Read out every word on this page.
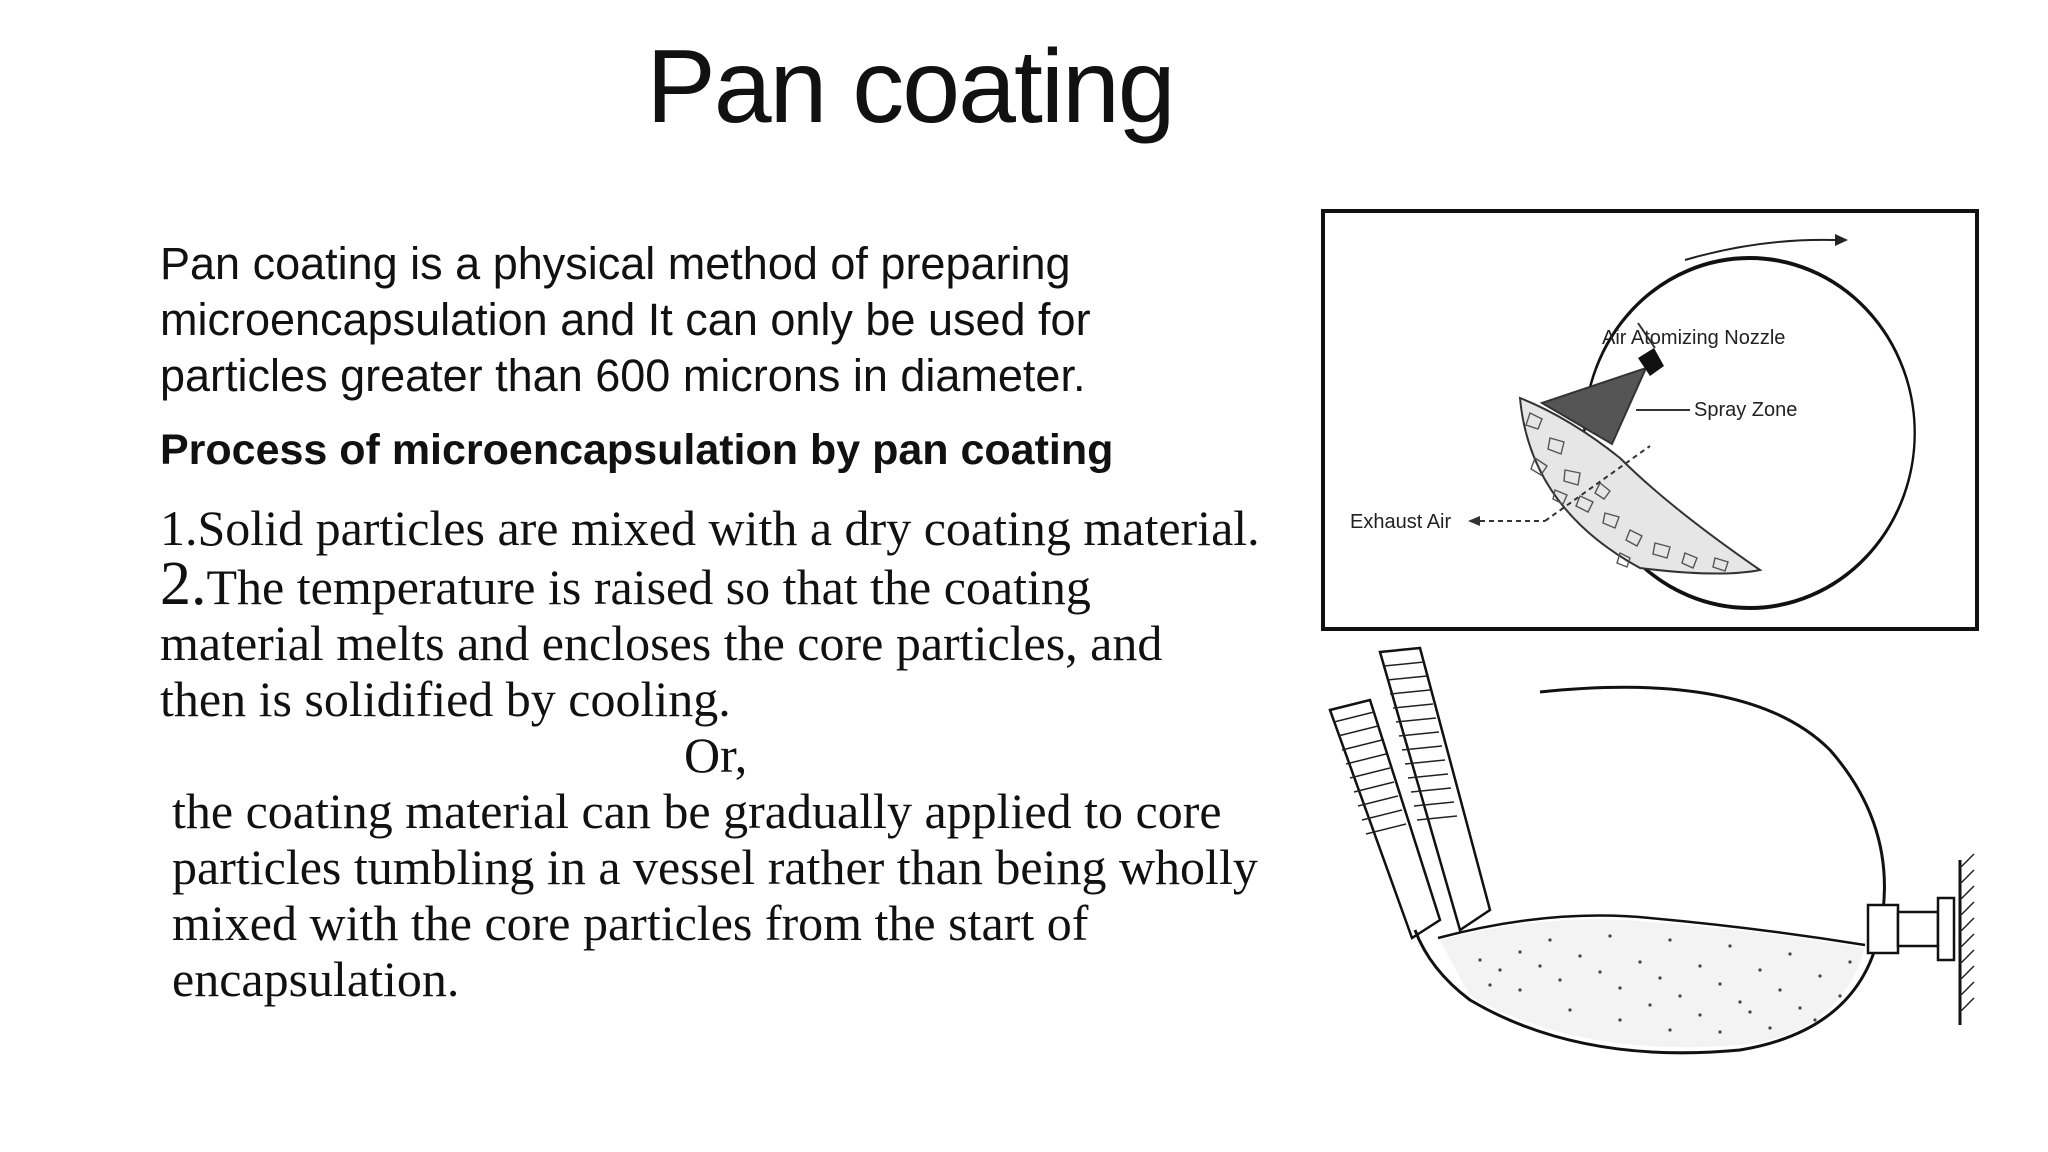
Pan coating
Pan coating is a physical method of preparing microencapsulation and It can only be used for particles greater than 600 microns in diameter.
Process of microencapsulation by pan coating

1.Solid particles are mixed with a dry coating material.

2.The temperature is raised so that the coating material melts and encloses the core particles, and then is solidified by cooling.

Or,

the coating material can be gradually applied to core particles tumbling in a vessel rather than being wholly mixed with the core particles from the start of encapsulation.

Air Atomizing Nozzle
Spray Zone
Exhaust Air
